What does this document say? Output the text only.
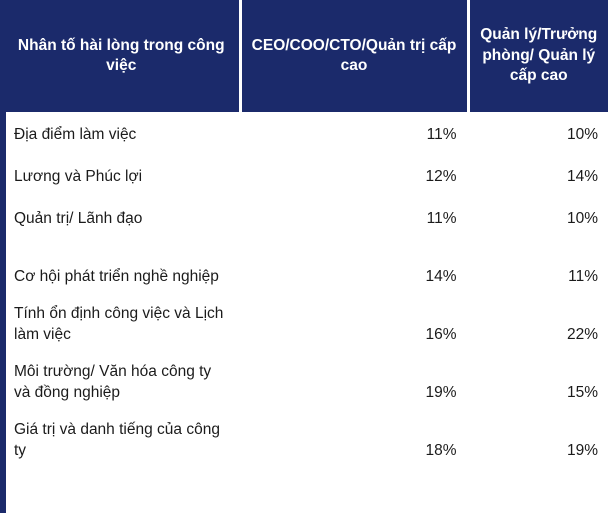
Nhân tố hài lòng trong công việc	CEO/COO/CTO/Quản trị cấp cao	Quản lý/Trưởng phòng/ Quản lý cấp cao
Địa điểm làm việc	11%	10%
Lương và Phúc lợi	12%	14%
Quản trị/ Lãnh đạo	11%	10%
Cơ hội phát triển nghề nghiệp	14%	11%
Tính ổn định công việc và Lịch làm việc	16%	22%
Môi trường/ Văn hóa công ty và đồng nghiệp	19%	15%
Giá trị và danh tiếng của công ty	18%	19%
